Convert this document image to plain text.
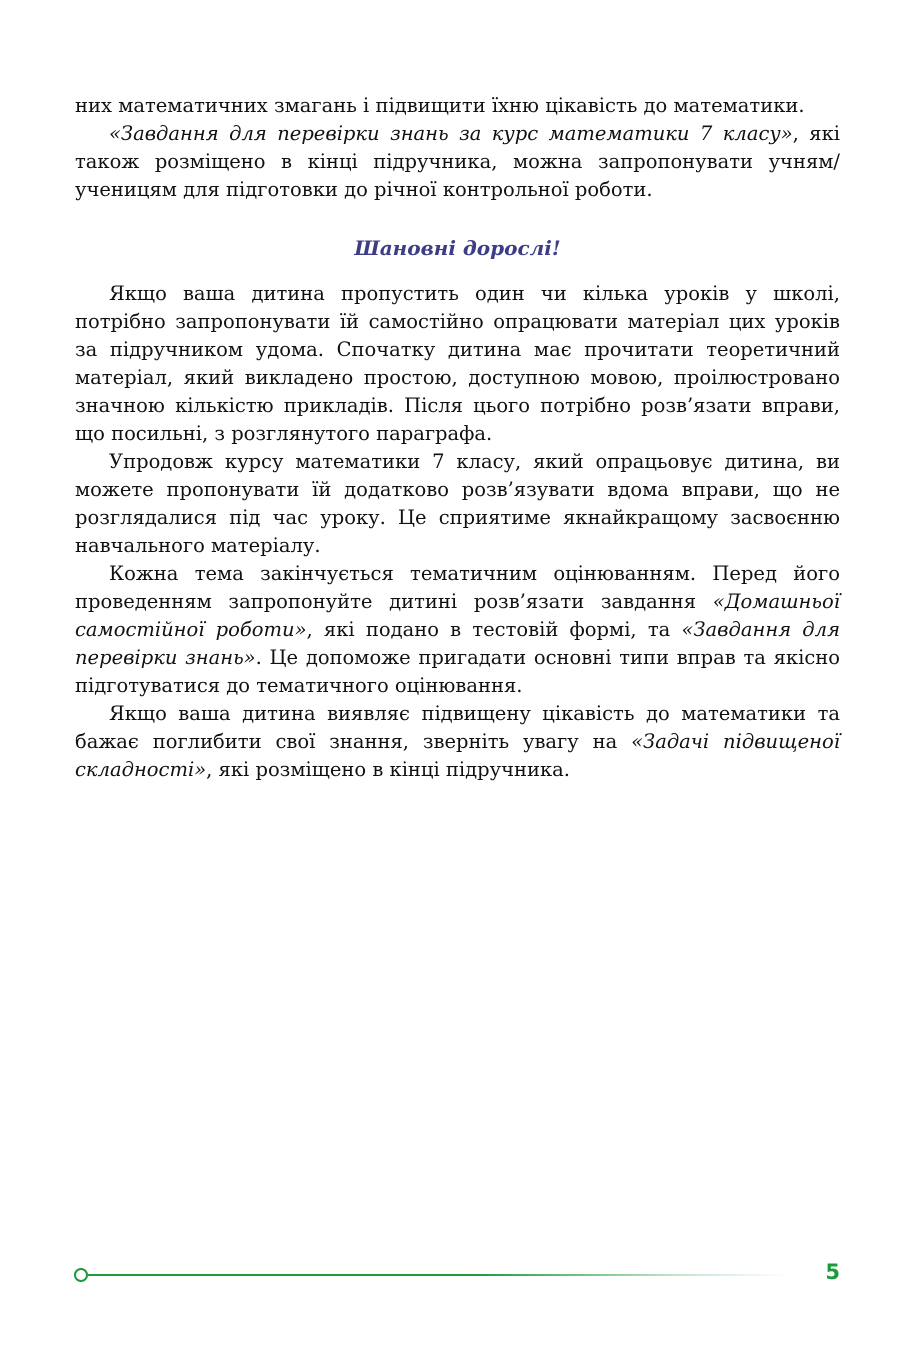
них математичних змагань і підвищити їхню цікавість до математики.

«Завдання для перевірки знань за курс математики 7 класу», які також розміщено в кінці підручника, можна запропонувати учням/ученицям для підготовки до річної контрольної роботи.

Шановні дорослі!

Якщо ваша дитина пропустить один чи кілька уроків у школі, потрібно запропонувати їй самостійно опрацювати матеріал цих уроків за підручником удома. Спочатку дитина має прочитати теоретичний матеріал, який викладено простою, доступною мовою, проілюстровано значною кількістю прикладів. Після цього потрібно розв’язати вправи, що посильні, з розглянутого параграфа.

Упродовж курсу математики 7 класу, який опрацьовує дитина, ви можете пропонувати їй додатково розв’язувати вдома вправи, що не розглядалися під час уроку. Це сприятиме якнайкращому засвоєнню навчального матеріалу.

Кожна тема закінчується тематичним оцінюванням. Перед його проведенням запропонуйте дитині розв’язати завдання «Домашньої самостійної роботи», які подано в тестовій формі, та «Завдання для перевірки знань». Це допоможе пригадати основні типи вправ та якісно підготуватися до тематичного оцінювання.

Якщо ваша дитина виявляє підвищену цікавість до математики та бажає поглибити свої знання, зверніть увагу на «Задачі підвищеної складності», які розміщено в кінці підручника.

5
